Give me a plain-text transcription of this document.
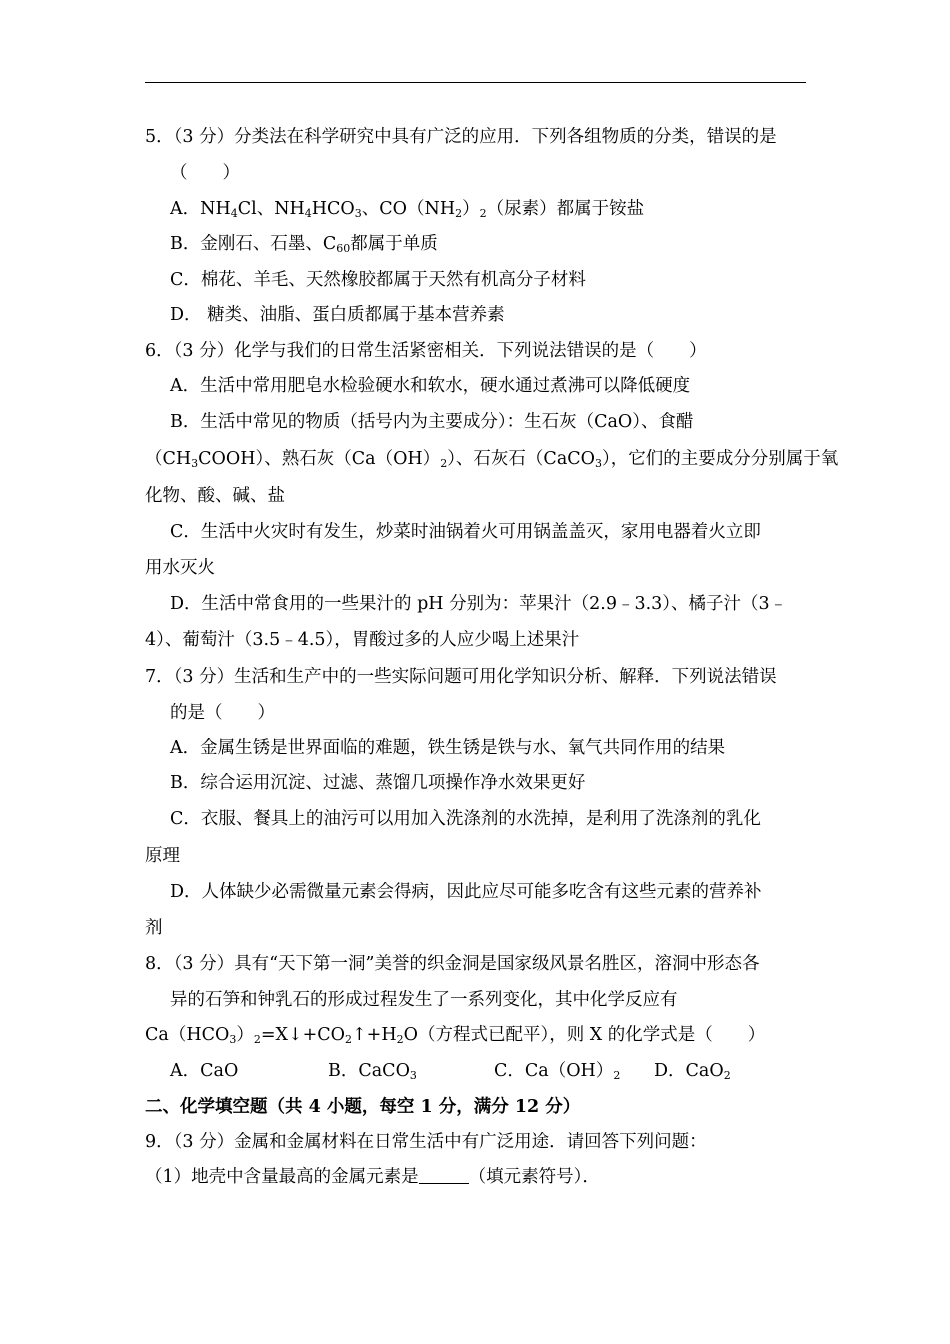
5．（3 分）分类法在科学研究中具有广泛的应用．下列各组物质的分类，错误的是
（　　）
A．$NH_4Cl$、$NH_4HCO_3$、$CO(NH_2)_2$（尿素）都属于铵盐
B．金刚石、石墨、$C_{60}$都属于单质
C．棉花、羊毛、天然橡胶都属于天然有机高分子材料
D． 糖类、油脂、蛋白质都属于基本营养素
6．（3 分）化学与我们的日常生活紧密相关．下列说法错误的是（　　）
A．生活中常用肥皂水检验硬水和软水，硬水通过煮沸可以降低硬度
B．生活中常见的物质（括号内为主要成分）：生石灰（CaO）、食醋
$(CH_3COOH)$、熟石灰$(Ca(OH)_2)$、石灰石（CaCO$_3$），它们的主要成分分别属于氧
化物、酸、碱、盐
C．生活中火灾时有发生，炒菜时油锅着火可用锅盖盖灭，家用电器着火立即
用水灭火
D．生活中常食用的一些果汁的 pH 分别为：苹果汁（2.9﹣3.3）、橘子汁（3﹣
4）、葡萄汁（3.5﹣4.5），胃酸过多的人应少喝上述果汁
7．（3 分）生活和生产中的一些实际问题可用化学知识分析、解释．下列说法错误
的是（　　）
A．金属生锈是世界面临的难题，铁生锈是铁与水、氧气共同作用的结果
B．综合运用沉淀、过滤、蒸馏几项操作净水效果更好
C．衣服、餐具上的油污可以用加入洗涤剂的水洗掉，是利用了洗涤剂的乳化
原理
D．人体缺少必需微量元素会得病，因此应尽可能多吃含有这些元素的营养补
剂
8．（3 分）具有“天下第一洞”美誉的织金洞是国家级风景名胜区，溶洞中形态各
异的石笋和钟乳石的形成过程发生了一系列变化，其中化学反应有
$Ca(HCO_3)_2=X↓+CO_2↑+H_2O$（方程式已配平），则 X 的化学式是（　　）
A．CaO	B．CaCO$_3$	C．$Ca(OH)_2$ D．CaO$_2$
二、化学填空题（共 4 小题，每空 1 分，满分 12 分）
9．（3 分）金属和金属材料在日常生活中有广泛用途．请回答下列问题：
（1）地壳中含量最高的金属元素是	（填元素符号）．
